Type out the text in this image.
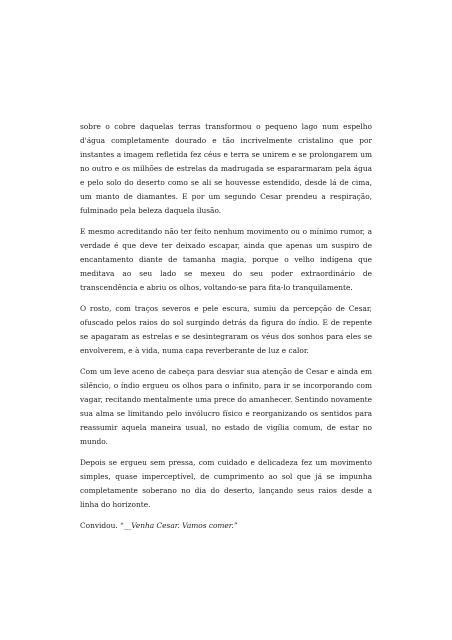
sobre o cobre daquelas terras transformou o pequeno lago num espelho d'água completamente dourado e tão incrivelmente cristalino que por instantes a imagem refletida fez céus e terra se unirem e se prolongarem um no outro e os milhões de estrelas da madrugada se espararmaram pela água e pelo solo do deserto como se ali se houvesse estendido, desde lá de cima, um manto de diamantes. E por um segundo Cesar prendeu a respiração, fulminado pela beleza daquela ilusão.

E mesmo acreditando não ter feito nenhum movimento ou o mínimo rumor, a verdade é que deve ter deixado escapar, ainda que apenas um suspiro de encantamento diante de tamanha magia, porque o velho indígena que meditava ao seu lado se mexeu do seu poder extraordinário de transcendência e abriu os olhos, voltando-se para fita-lo tranquilamente.

O rosto, com traços severos e pele escura, sumiu da percepção de Cesar, ofuscado pelos raios do sol surgindo detrás da figura do índio. E de repente se apagaram as estrelas e se desintegraram os véus dos sonhos para eles se envolverem, e à vida, numa capa reverberante de luz e calor.

Com um leve aceno de cabeça para desviar sua atenção de Cesar e ainda em silêncio, o índio ergueu os olhos para o infinito, para ir se incorporando com vagar, recitando mentalmente uma prece do amanhecer. Sentindo novamente sua alma se limitando pelo invólucro físico e reorganizando os sentidos para reassumir aquela maneira usual, no estado de vigília comum, de estar no mundo.

Depois se ergueu sem pressa, com cuidado e delicadeza fez um movimento simples, quase imperceptível, de cumprimento ao sol que já se impunha completamente soberano no dia do deserto, lançando seus raios desde a linha do horizonte.

Convidou. “__Venha Cesar. Vamos comer.”
